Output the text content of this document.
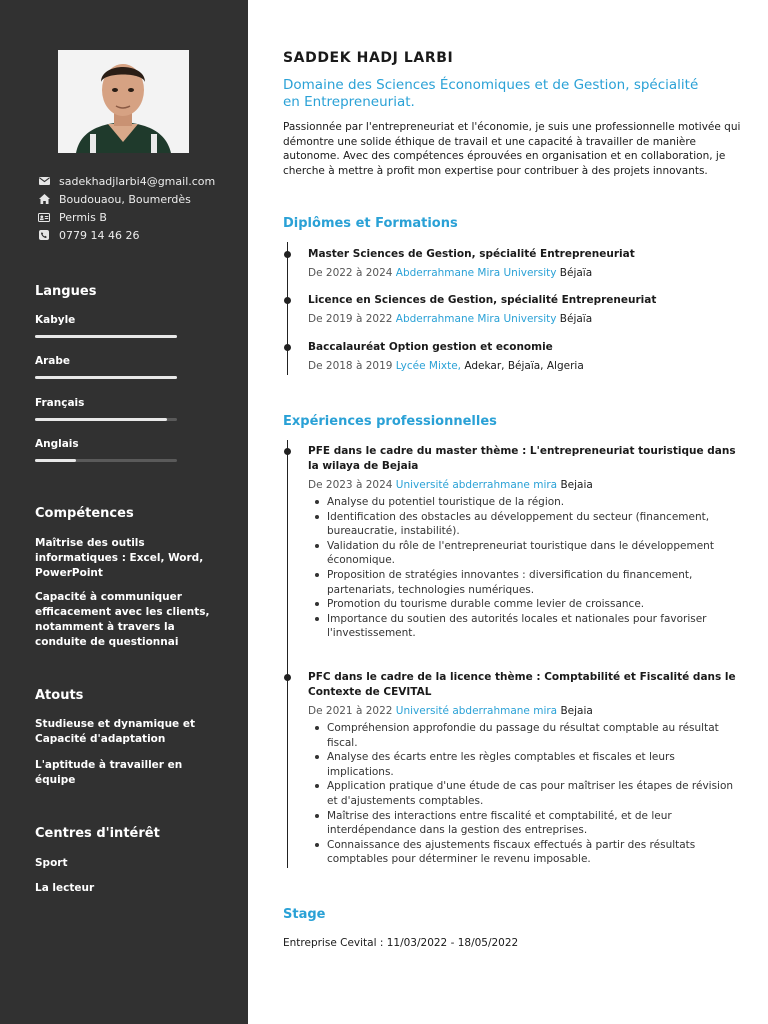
sadekhadjlarbi4@gmail.com
Boudouaou, Boumerdès
Permis B
0779 14 46 26
Langues
Kabyle
Arabe
Français
Anglais
Compétences
Maîtrise des outils informatiques : Excel, Word, PowerPoint
Capacité à communiquer efficacement avec les clients, notamment à travers la conduite de questionnai
Atouts
Studieuse et dynamique et Capacité d'adaptation
L'aptitude à travailler en équipe
Centres d'intérêt
Sport
La lecteur
SADDEK HADJ LARBI
Domaine des Sciences Économiques et de Gestion, spécialité en Entrepreneuriat.
Passionnée par l'entrepreneuriat et l'économie, je suis une professionnelle motivée qui démontre une solide éthique de travail et une capacité à travailler de manière autonome. Avec des compétences éprouvées en organisation et en collaboration, je cherche à mettre à profit mon expertise pour contribuer à des projets innovants.
Diplômes et Formations
Master Sciences de Gestion, spécialité Entrepreneuriat
De 2022 à 2024 Abderrahmane Mira University Béjaïa
Licence en Sciences de Gestion, spécialité Entrepreneuriat
De 2019 à 2022 Abderrahmane Mira University Béjaïa
Baccalauréat Option gestion et economie
De 2018 à 2019 Lycée Mixte, Adekar, Béjaïa, Algeria
Expériences professionnelles
PFE dans le cadre du master thème : L'entrepreneuriat touristique dans la wilaya de Bejaia
De 2023 à 2024 Université abderrahmane mira Bejaia
Analyse du potentiel touristique de la région.
Identification des obstacles au développement du secteur (financement, bureaucratie, instabilité).
Validation du rôle de l'entrepreneuriat touristique dans le développement économique.
Proposition de stratégies innovantes : diversification du financement, partenariats, technologies numériques.
Promotion du tourisme durable comme levier de croissance.
Importance du soutien des autorités locales et nationales pour favoriser l'investissement.
PFC dans le cadre de la licence thème : Comptabilité et Fiscalité dans le Contexte de CEVITAL
De 2021 à 2022 Université abderrahmane mira Bejaia
Compréhension approfondie du passage du résultat comptable au résultat fiscal.
Analyse des écarts entre les règles comptables et fiscales et leurs implications.
Application pratique d'une étude de cas pour maîtriser les étapes de révision et d'ajustements comptables.
Maîtrise des interactions entre fiscalité et comptabilité, et de leur interdépendance dans la gestion des entreprises.
Connaissance des ajustements fiscaux effectués à partir des résultats comptables pour déterminer le revenu imposable.
Stage
Entreprise Cevital : 11/03/2022 - 18/05/2022
